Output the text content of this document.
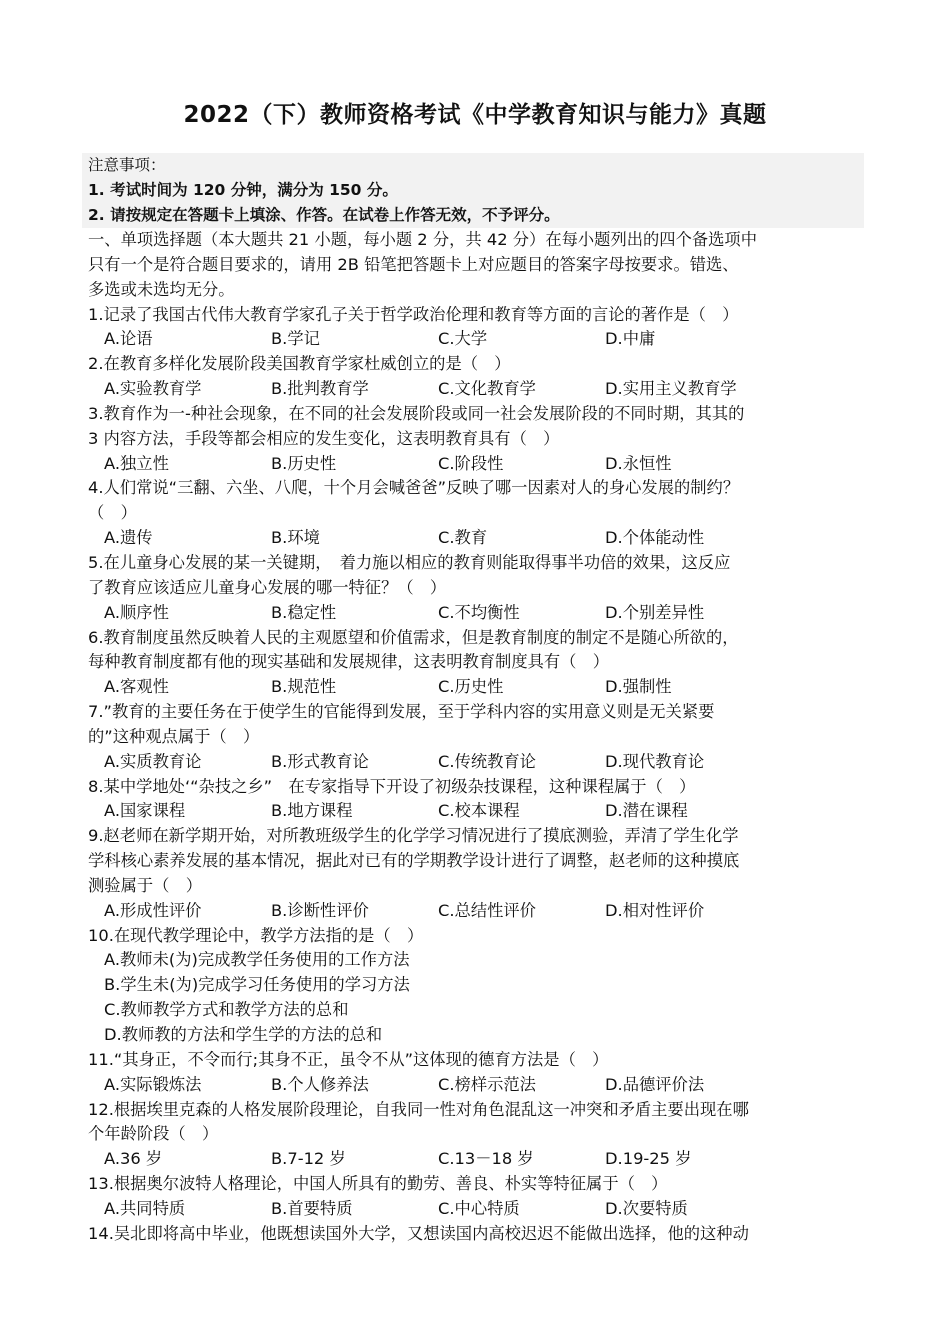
2022（下）教师资格考试《中学教育知识与能力》真题
注意事项：
1. 考试时间为 120 分钟，满分为 150 分。
2. 请按规定在答题卡上填涂、作答。在试卷上作答无效，不予评分。
一、单项选择题（本大题共 21 小题，每小题 2 分，共 42 分）在每小题列出的四个备选项中
只有一个是符合题目要求的，请用 2B 铅笔把答题卡上对应题目的答案字母按要求。错选、
多选或未选均无分。
1.记录了我国古代伟大教育学家孔子关于哲学政治伦理和教育等方面的言论的著作是（　）
A.论语	B.学记	C.大学	D.中庸
2.在教育多样化发展阶段美国教育学家杜威创立的是（　）
A.实验教育学	B.批判教育学	C.文化教育学	D.实用主义教育学
3.教育作为一-种社会现象，在不同的社会发展阶段或同一社会发展阶段的不同时期，其其的
3 内容方法，手段等都会相应的发生变化，这表明教育具有（　）
A.独立性	B.历史性	C.阶段性	D.永恒性
4.人们常说“三翻、六坐、八爬，十个月会喊爸爸”反映了哪一因素对人的身心发展的制约？
（　）
A.遗传	B.环境	C.教育	D.个体能动性
5.在儿童身心发展的某一关键期，　着力施以相应的教育则能取得事半功倍的效果，这反应
了教育应该适应儿童身心发展的哪一特征？（　）
A.顺序性	B.稳定性	C.不均衡性	D.个别差异性
6.教育制度虽然反映着人民的主观愿望和价值需求，但是教育制度的制定不是随心所欲的，
每种教育制度都有他的现实基础和发展规律，这表明教育制度具有（　）
A.客观性	B.规范性	C.历史性	D.强制性
7.”教育的主要任务在于使学生的官能得到发展，至于学科内容的实用意义则是无关紧要
的”这种观点属于（　）
A.实质教育论	B.形式教育论	C.传统教育论	D.现代教育论
8.某中学地处‘“杂技之乡”　在专家指导下开设了初级杂技课程，这种课程属于（　）
A.国家课程	B.地方课程	C.校本课程	D.潜在课程
9.赵老师在新学期开始，对所教班级学生的化学学习情况进行了摸底测验，弄清了学生化学
学科核心素养发展的基本情况，据此对已有的学期教学设计进行了调整，赵老师的这种摸底
测验属于（　）
A.形成性评价	B.诊断性评价	C.总结性评价	D.相对性评价
10.在现代教学理论中，教学方法指的是（　）
A.教师未(为)完成教学任务使用的工作方法
B.学生未(为)完成学习任务使用的学习方法
C.教师教学方式和教学方法的总和
D.教师教的方法和学生学的方法的总和
11.“其身正，不令而行;其身不正，虽令不从”这体现的德育方法是（　）
A.实际锻炼法	B.个人修养法	C.榜样示范法	D.品德评价法
12.根据埃里克森的人格发展阶段理论，自我同一性对角色混乱这一冲突和矛盾主要出现在哪
个年龄阶段（　）
A.36 岁	B.7-12 岁	C.13－18 岁	D.19-25 岁
13.根据奥尔波特人格理论，中国人所具有的勤劳、善良、朴实等特征属于（　）
A.共同特质	B.首要特质	C.中心特质	D.次要特质
14.吴北即将高中毕业，他既想读国外大学，又想读国内高校迟迟不能做出选择，他的这种动
